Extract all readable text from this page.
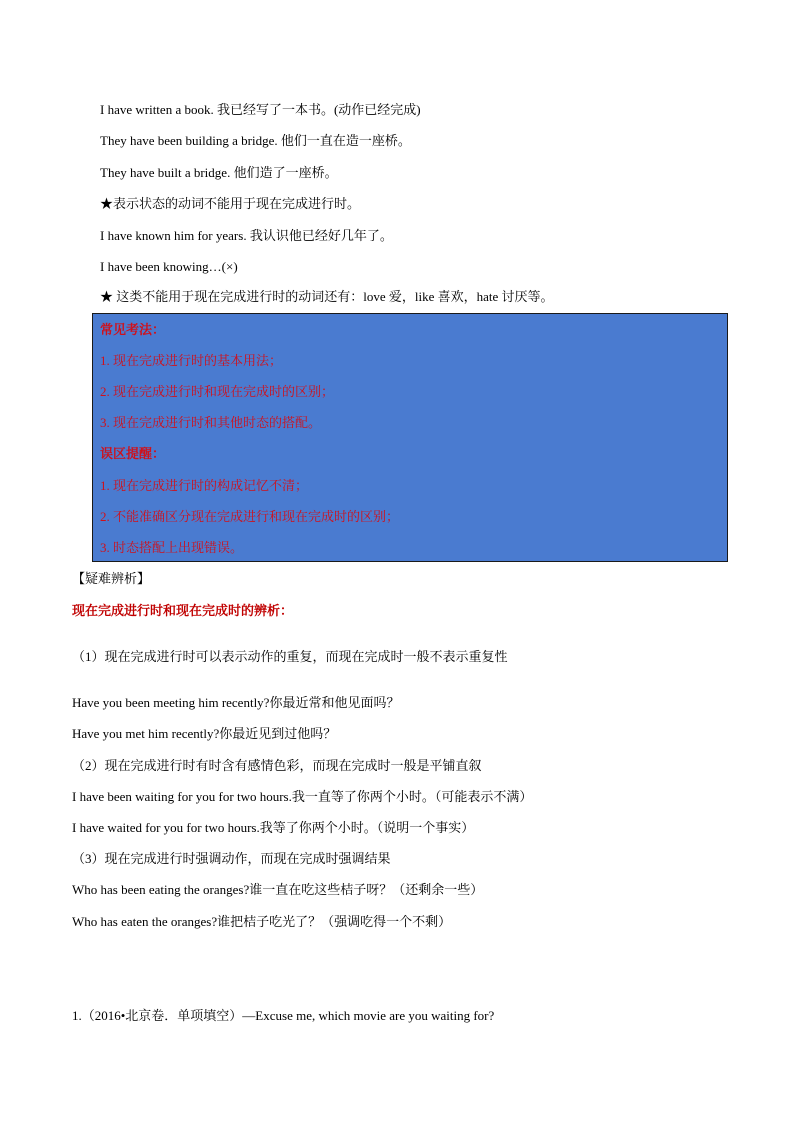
I have written a book. 我已经写了一本书。(动作已经完成)
They have been building a bridge. 他们一直在造一座桥。
They have built a bridge. 他们造了一座桥。
★表示状态的动词不能用于现在完成进行时。
I have known him for years. 我认识他已经好几年了。
I have been knowing…(×)
★ 这类不能用于现在完成进行时的动词还有：love 爱，like 喜欢，hate 讨厌等。
常见考法：
1. 现在完成进行时的基本用法；
2. 现在完成进行时和现在完成时的区别；
3. 现在完成进行时和其他时态的搭配。
误区提醒：
1. 现在完成进行时的构成记忆不清；
2. 不能准确区分现在完成进行和现在完成时的区别；
3. 时态搭配上出现错误。
【疑难辨析】
现在完成进行时和现在完成时的辨析：
（1）现在完成进行时可以表示动作的重复，而现在完成时一般不表示重复性
Have you been meeting him recently?你最近常和他见面吗？
Have you met him recently?你最近见到过他吗？
（2）现在完成进行时有时含有感情色彩，而现在完成时一般是平铺直叙
I have been waiting for you for two hours.我一直等了你两个小时。（可能表示不满）
I have waited for you for two hours.我等了你两个小时。（说明一个事实）
（3）现在完成进行时强调动作，而现在完成时强调结果
Who has been eating the oranges?谁一直在吃这些桔子呀？（还剩余一些）
Who has eaten the oranges?谁把桔子吃光了？（强调吃得一个不剩）
1.（2016•北京卷．单项填空）—Excuse me, which movie are you waiting for?
